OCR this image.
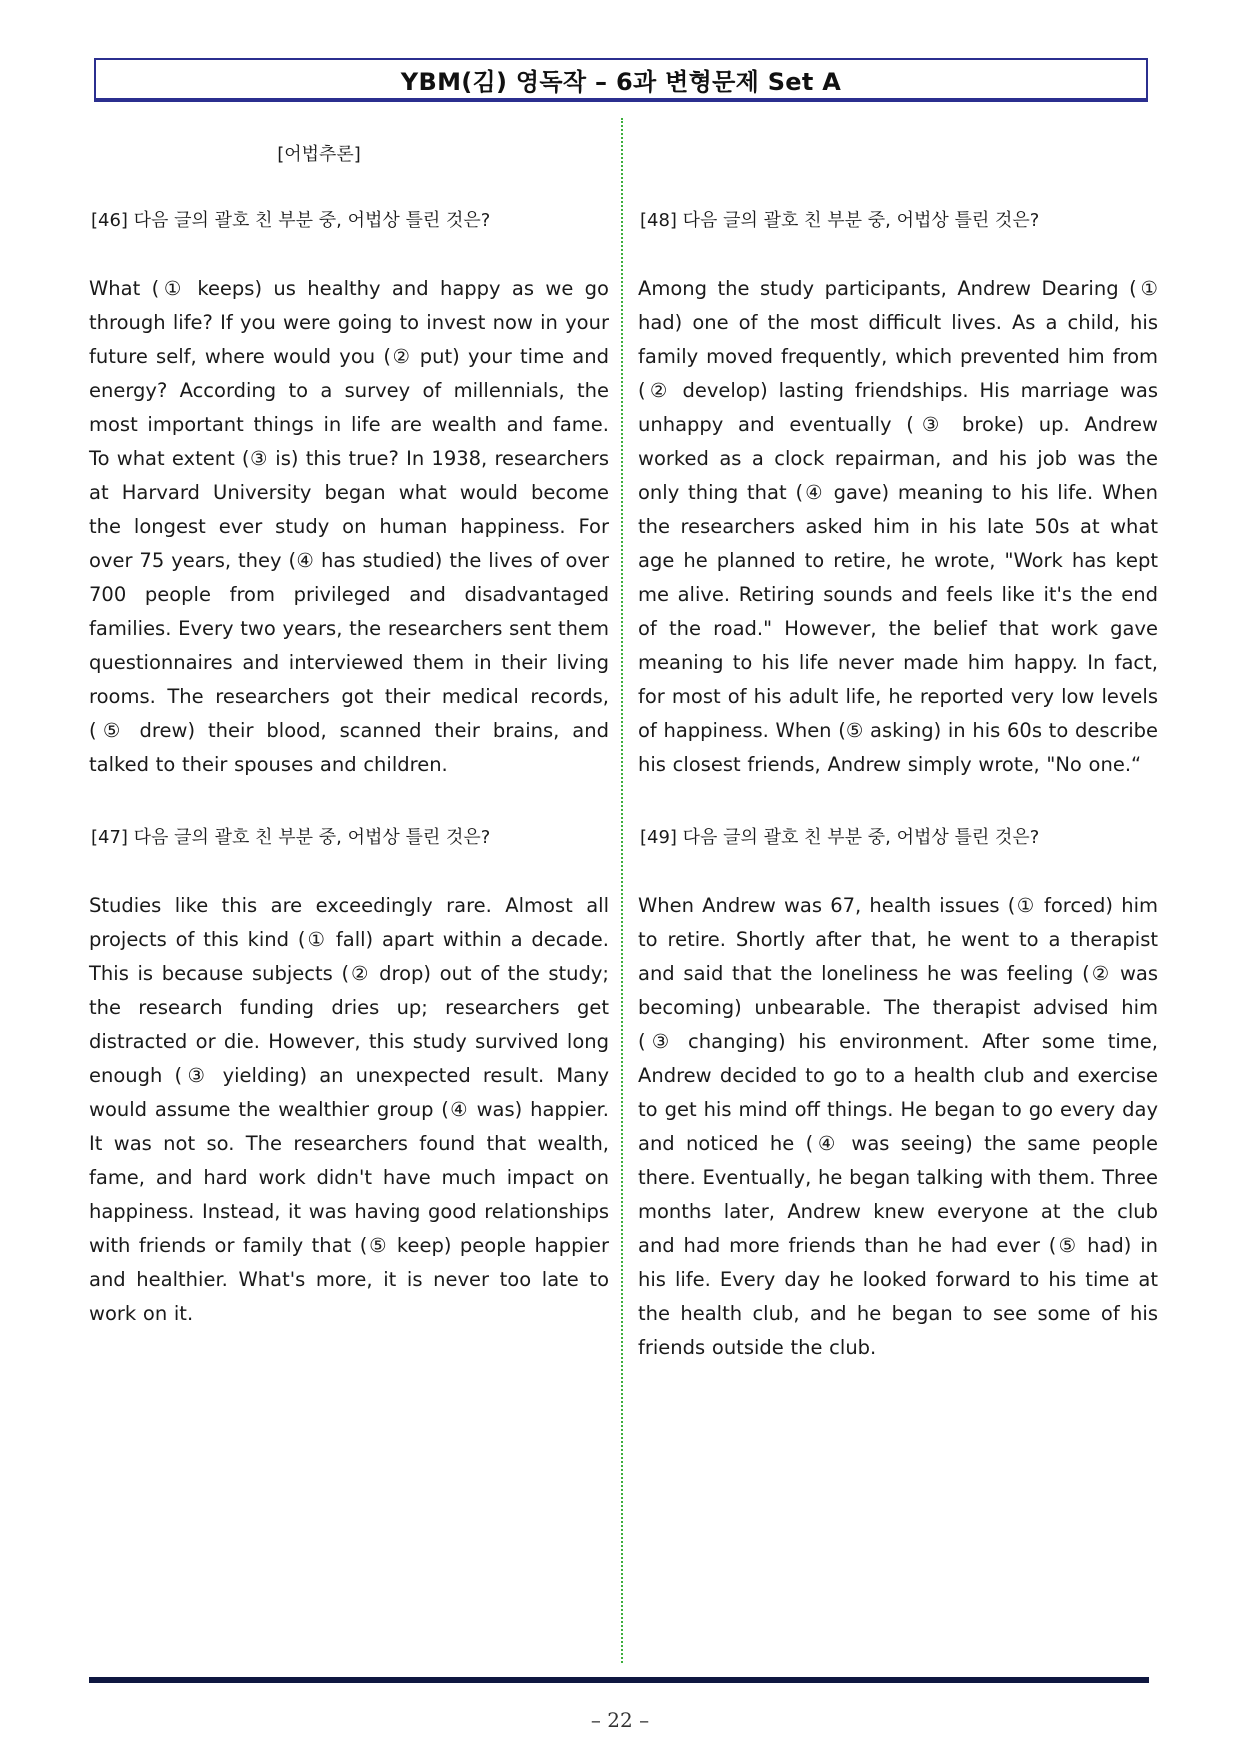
YBM(김) 영독작 – 6과 변형문제 Set A
[어법추론]
[46] 다음 글의 괄호 친 부분 중, 어법상 틀린 것은?
What (① keeps) us healthy and happy as we go through life? If you were going to invest now in your future self, where would you (② put) your time and energy? According to a survey of millennials, the most important things in life are wealth and fame. To what extent (③ is) this true? In 1938, researchers at Harvard University began what would become the longest ever study on human happiness. For over 75 years, they (④ has studied) the lives of over 700 people from privileged and disadvantaged families. Every two years, the researchers sent them questionnaires and interviewed them in their living rooms. The researchers got their medical records, (⑤ drew) their blood, scanned their brains, and talked to their spouses and children.
[47] 다음 글의 괄호 친 부분 중, 어법상 틀린 것은?
Studies like this are exceedingly rare. Almost all projects of this kind (① fall) apart within a decade. This is because subjects (② drop) out of the study; the research funding dries up; researchers get distracted or die. However, this study survived long enough (③ yielding) an unexpected result. Many would assume the wealthier group (④ was) happier. It was not so. The researchers found that wealth, fame, and hard work didn't have much impact on happiness. Instead, it was having good relationships with friends or family that (⑤ keep) people happier and healthier. What's more, it is never too late to work on it.
[48] 다음 글의 괄호 친 부분 중, 어법상 틀린 것은?
Among the study participants, Andrew Dearing (① had) one of the most difficult lives. As a child, his family moved frequently, which prevented him from (② develop) lasting friendships. His marriage was unhappy and eventually (③ broke) up. Andrew worked as a clock repairman, and his job was the only thing that (④ gave) meaning to his life. When the researchers asked him in his late 50s at what age he planned to retire, he wrote, "Work has kept me alive. Retiring sounds and feels like it's the end of the road." However, the belief that work gave meaning to his life never made him happy. In fact, for most of his adult life, he reported very low levels of happiness. When (⑤ asking) in his 60s to describe his closest friends, Andrew simply wrote, "No one.“
[49] 다음 글의 괄호 친 부분 중, 어법상 틀린 것은?
When Andrew was 67, health issues (① forced) him to retire. Shortly after that, he went to a therapist and said that the loneliness he was feeling (② was becoming) unbearable. The therapist advised him (③ changing) his environment. After some time, Andrew decided to go to a health club and exercise to get his mind off things. He began to go every day and noticed he (④ was seeing) the same people there. Eventually, he began talking with them. Three months later, Andrew knew everyone at the club and had more friends than he had ever (⑤ had) in his life. Every day he looked forward to his time at the health club, and he began to see some of his friends outside the club.
– 22 –
